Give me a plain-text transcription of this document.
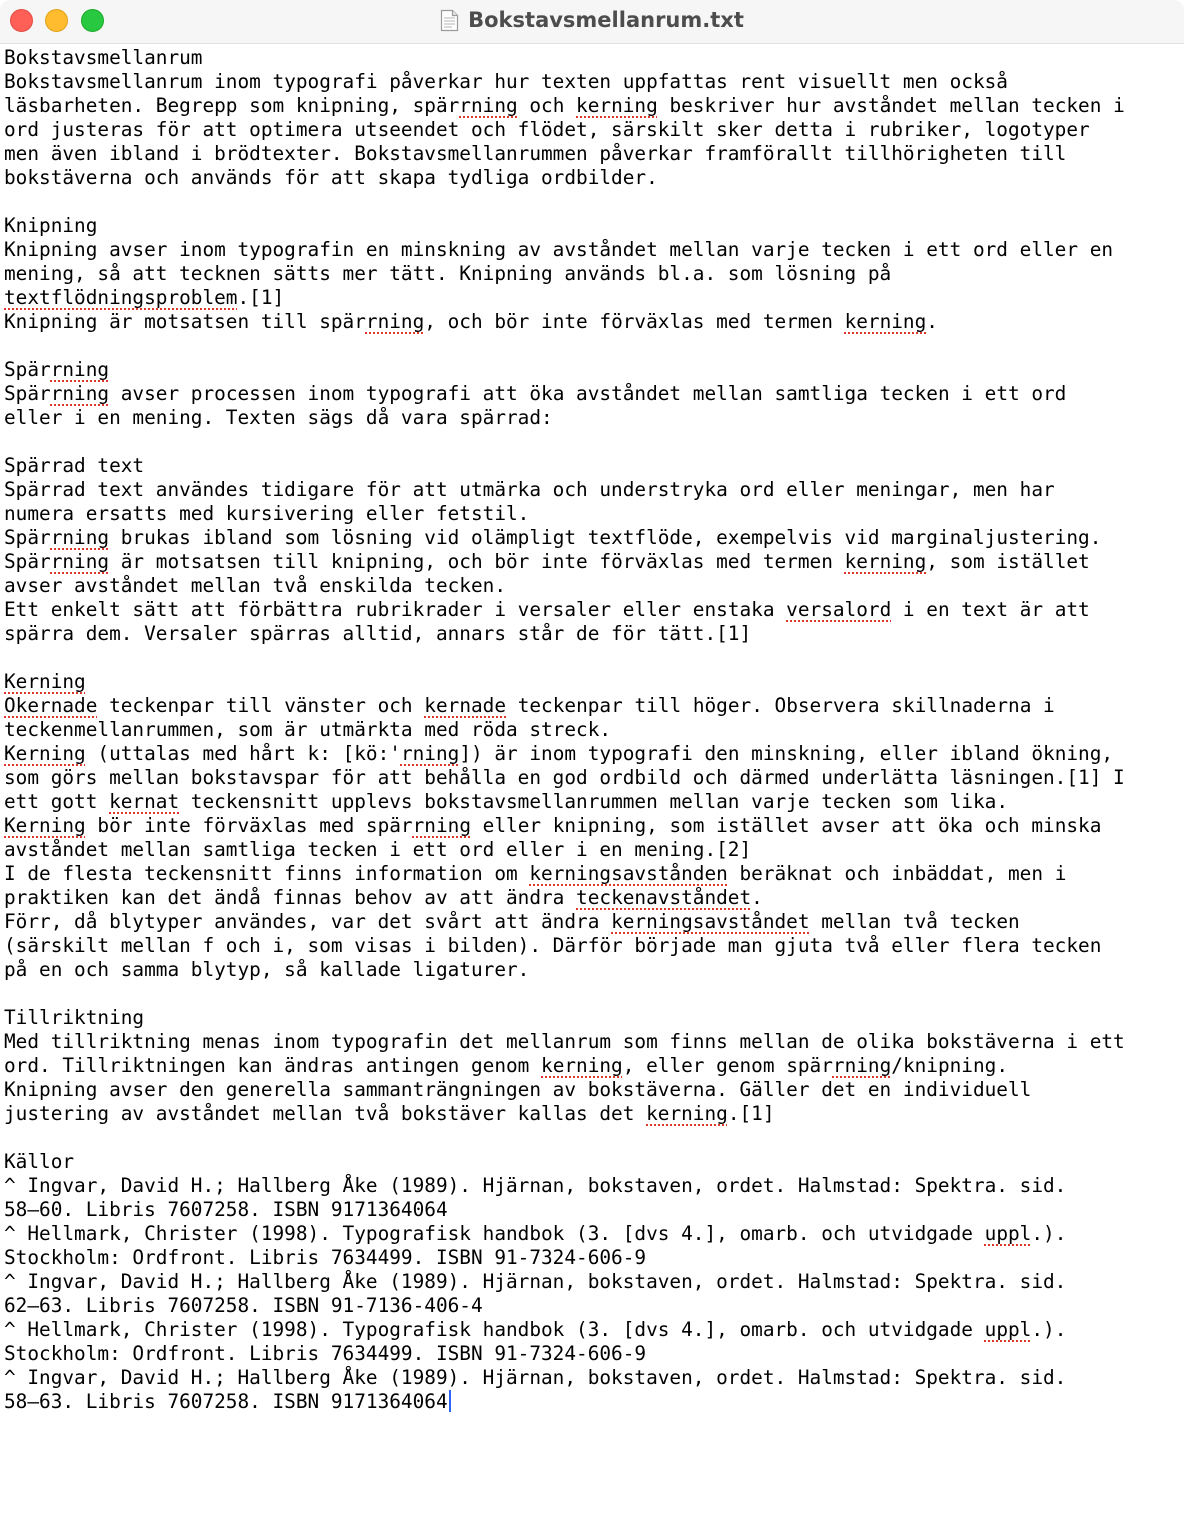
Bokstavsmellanrum.txt
Bokstavsmellanrum
Bokstavsmellanrum inom typografi påverkar hur texten uppfattas rent visuellt men också
läsbarheten. Begrepp som knipning, spärrning och kerning beskriver hur avståndet mellan tecken i
ord justeras för att optimera utseendet och flödet, särskilt sker detta i rubriker, logotyper
men även ibland i brödtexter. Bokstavsmellanrummen påverkar framförallt tillhörigheten till
bokstäverna och används för att skapa tydliga ordbilder.
Knipning
Knipning avser inom typografin en minskning av avståndet mellan varje tecken i ett ord eller en
mening, så att tecknen sätts mer tätt. Knipning används bl.a. som lösning på
textflödningsproblem.[1]
Knipning är motsatsen till spärrning, och bör inte förväxlas med termen kerning.
Spärrning
Spärrning avser processen inom typografi att öka avståndet mellan samtliga tecken i ett ord
eller i en mening. Texten sägs då vara spärrad:
Spärrad text
Spärrad text användes tidigare för att utmärka och understryka ord eller meningar, men har
numera ersatts med kursivering eller fetstil.
Spärrning brukas ibland som lösning vid olämpligt textflöde, exempelvis vid marginaljustering.
Spärrning är motsatsen till knipning, och bör inte förväxlas med termen kerning, som istället
avser avståndet mellan två enskilda tecken.
Ett enkelt sätt att förbättra rubrikrader i versaler eller enstaka versalord i en text är att
spärra dem. Versaler spärras alltid, annars står de för tätt.[1]
Kerning
Okernade teckenpar till vänster och kernade teckenpar till höger. Observera skillnaderna i
teckenmellanrummen, som är utmärkta med röda streck.
Kerning (uttalas med hårt k: [kö:'rning]) är inom typografi den minskning, eller ibland ökning,
som görs mellan bokstavspar för att behålla en god ordbild och därmed underlätta läsningen.[1] I
ett gott kernat teckensnitt upplevs bokstavsmellanrummen mellan varje tecken som lika.
Kerning bör inte förväxlas med spärrning eller knipning, som istället avser att öka och minska
avståndet mellan samtliga tecken i ett ord eller i en mening.[2]
I de flesta teckensnitt finns information om kerningsavstånden beräknat och inbäddat, men i
praktiken kan det ändå finnas behov av att ändra teckenavståndet.
Förr, då blytyper användes, var det svårt att ändra kerningsavståndet mellan två tecken
(särskilt mellan f och i, som visas i bilden). Därför började man gjuta två eller flera tecken
på en och samma blytyp, så kallade ligaturer.
Tillriktning
Med tillriktning menas inom typografin det mellanrum som finns mellan de olika bokstäverna i ett
ord. Tillriktningen kan ändras antingen genom kerning, eller genom spärrning/knipning.
Knipning avser den generella sammanträngningen av bokstäverna. Gäller det en individuell
justering av avståndet mellan två bokstäver kallas det kerning.[1]
Källor
^ Ingvar, David H.; Hallberg Åke (1989). Hjärnan, bokstaven, ordet. Halmstad: Spektra. sid.
58–60. Libris 7607258. ISBN 9171364064
^ Hellmark, Christer (1998). Typografisk handbok (3. [dvs 4.], omarb. och utvidgade uppl.).
Stockholm: Ordfront. Libris 7634499. ISBN 91-7324-606-9
^ Ingvar, David H.; Hallberg Åke (1989). Hjärnan, bokstaven, ordet. Halmstad: Spektra. sid.
62–63. Libris 7607258. ISBN 91-7136-406-4
^ Hellmark, Christer (1998). Typografisk handbok (3. [dvs 4.], omarb. och utvidgade uppl.).
Stockholm: Ordfront. Libris 7634499. ISBN 91-7324-606-9
^ Ingvar, David H.; Hallberg Åke (1989). Hjärnan, bokstaven, ordet. Halmstad: Spektra. sid.
58–63. Libris 7607258. ISBN 9171364064
